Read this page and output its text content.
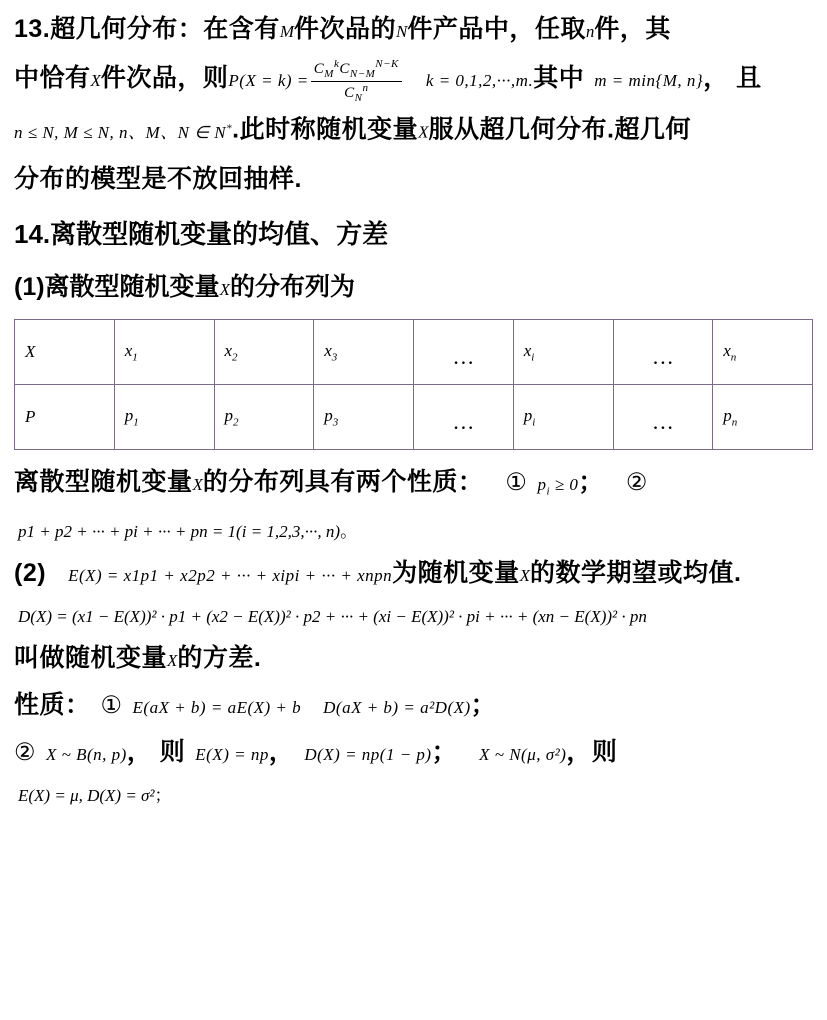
13.超几何分布：在含有M件次品的N件产品中，任取n件，其
中恰有X件次品，则$P(X = k) = \frac{C_M^kC_{N-M}^{N-K}}{C_N^n}$ k = 0,1,2,···,m.其中 m = min{M, n}， 且
n ≤ N, M ≤ N, n、M、N ∈ N*.此时称随机变量X服从超几何分布.超几何
分布的模型是不放回抽样.
14.离散型随机变量的均值、方差
(1)离散型随机变量X的分布列为
X	$x_1$	$x_2$	$x_3$	···	$x_i$	···	$x_n$
P	$p_1$	$p_2$	$p_3$	···	$p_i$	···	$p_n$
离散型随机变量X的分布列具有两个性质： ① $p_i \ge 0$； ②
p1 + p2 + ··· + pi + ··· + pn = 1(i = 1,2,3,···, n)。
(2) E(X) = x1p1 + x2p2 + ··· + xipi + ··· + xnpn为随机变量X的数学期望或均值.
D(X) = (x1 − E(X))² · p1 + (x2 − E(X))² · p2 + ··· + (xi − E(X))² · pi + ··· + (xn − E(X))² · pn
叫做随机变量X的方差.
性质： ① E(aX + b) = aE(X) + b D(aX + b) = a²D(X)；
② X ~ B(n, p)， 则 E(X) = np， D(X) = np(1 − p)； X ~ N(μ, σ²)，则
E(X) = μ, D(X) = σ²；
